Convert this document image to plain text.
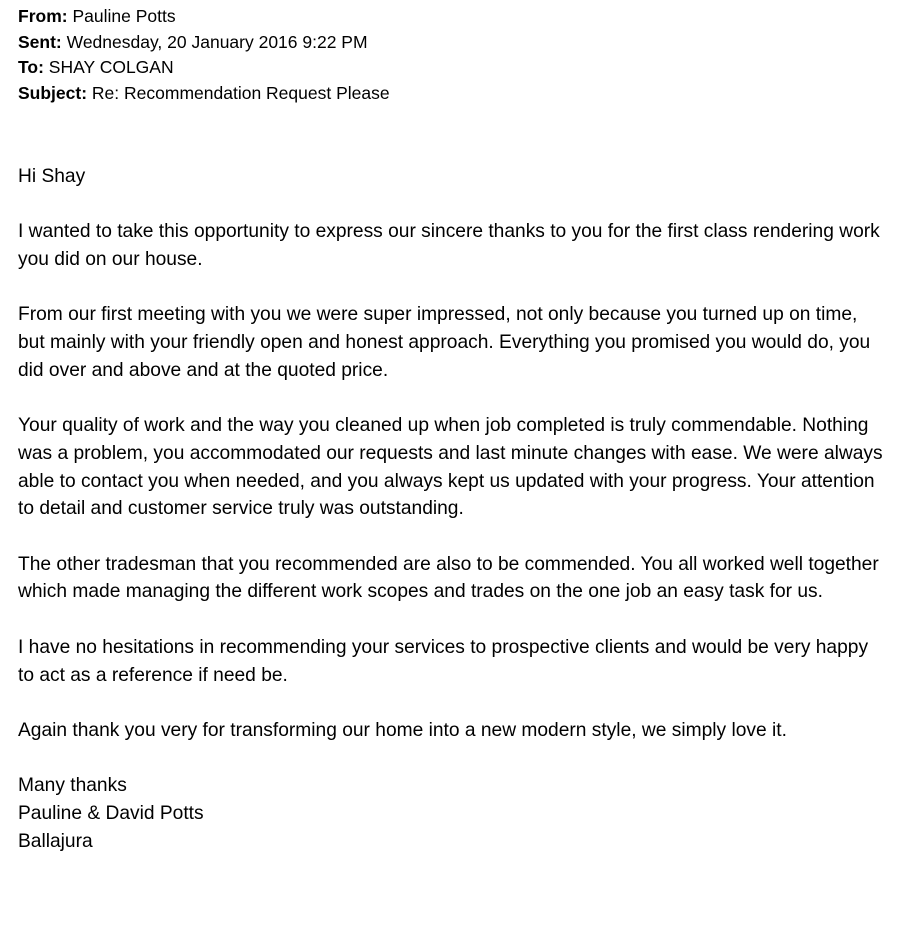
From: Pauline Potts
Sent: Wednesday, 20 January 2016 9:22 PM
To: SHAY COLGAN
Subject: Re: Recommendation Request Please

Hi Shay

I wanted to take this opportunity to express our sincere thanks to you for the first class rendering work you did on our house.

From our first meeting with you we were super impressed, not only because you turned up on time, but mainly with your friendly open and honest approach. Everything you promised you would do, you did over and above and at the quoted price.

Your quality of work and the way you cleaned up when job completed is truly commendable. Nothing was a problem, you accommodated our requests and last minute changes with ease. We were always able to contact you when needed, and you always kept us updated with your progress. Your attention to detail and customer service truly was outstanding.

The other tradesman that you recommended are also to be commended. You all worked well together which made managing the different work scopes and trades on the one job an easy task for us.

I have no hesitations in recommending your services to prospective clients and would be very happy to act as a reference if need be.

Again thank you very for transforming our home into a new modern style, we simply love it.

Many thanks
Pauline & David Potts
Ballajura
